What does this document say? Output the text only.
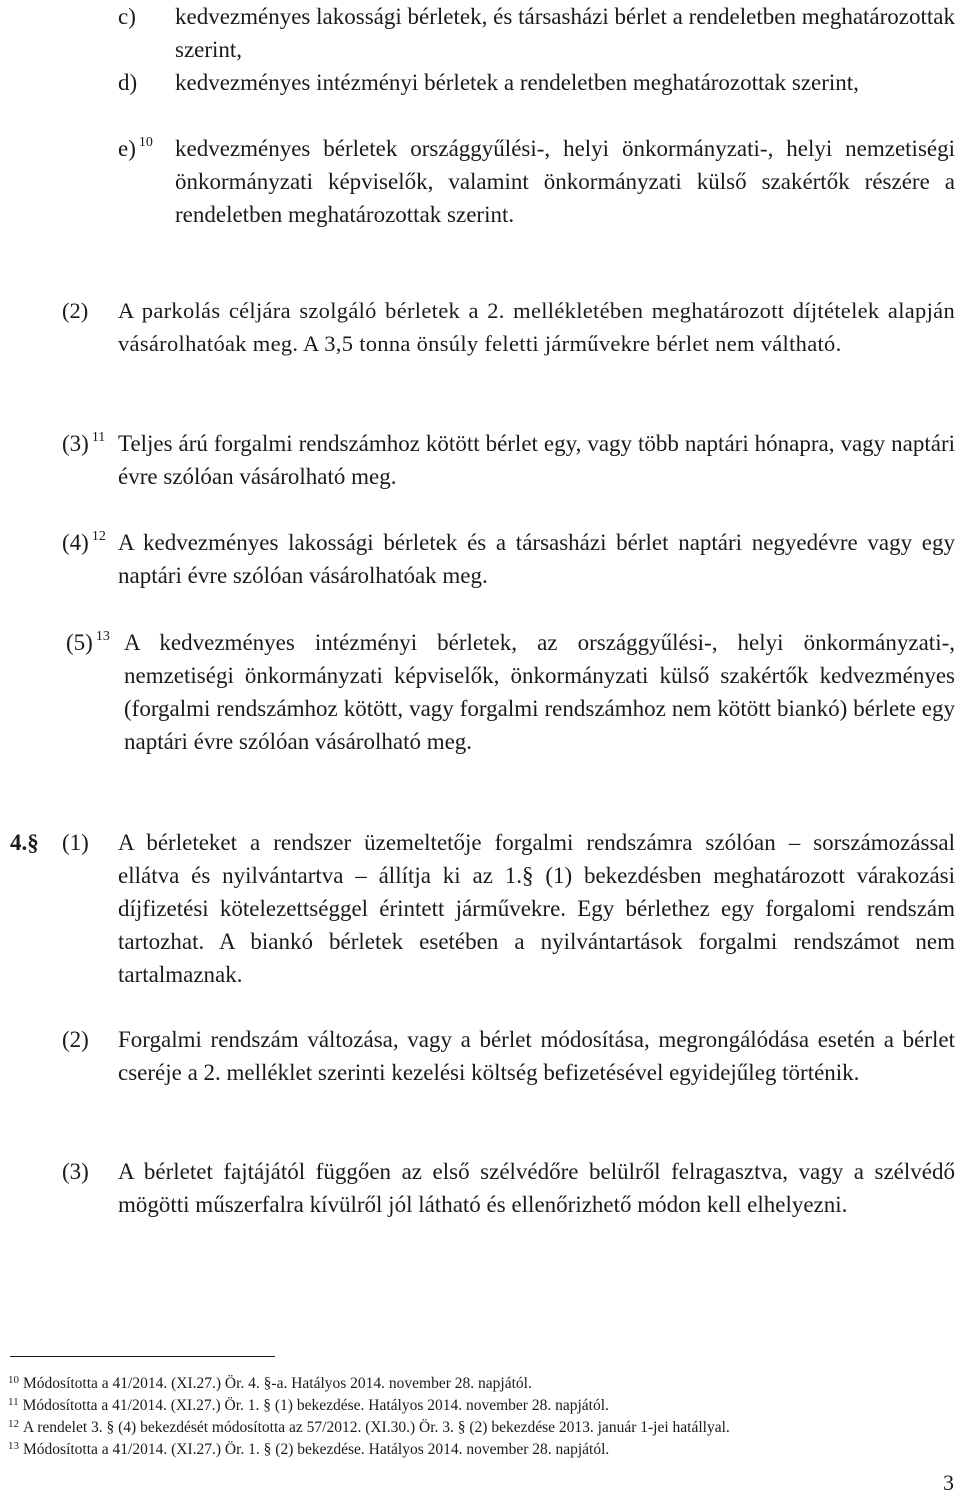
c) kedvezményes lakossági bérletek, és társasházi bérlet a rendeletben meghatározottak szerint,
d) kedvezményes intézményi bérletek a rendeletben meghatározottak szerint,
e) $^{10}$ kedvezményes bérletek országgyűlési-, helyi önkormányzati-, helyi nemzetiségi önkormányzati képviselők, valamint önkormányzati külső szakértők részére a rendeletben meghatározottak szerint.
(2) A parkolás céljára szolgáló bérletek a 2. mellékletében meghatározott díjtételek alapján vásárolhatóak meg. A 3,5 tonna önsúly feletti járművekre bérlet nem váltható.
(3) $^{11}$ Teljes árú forgalmi rendszámhoz kötött bérlet egy, vagy több naptári hónapra, vagy naptári évre szólóan vásárolható meg.
(4) $^{12}$ A kedvezményes lakossági bérletek és a társasházi bérlet naptári negyedévre vagy egy naptári évre szólóan vásárolhatóak meg.
(5) $^{13}$ A kedvezményes intézményi bérletek, az országgyűlési-, helyi önkormányzati-, nemzetiségi önkormányzati képviselők, önkormányzati külső szakértők kedvezményes (forgalmi rendszámhoz kötött, vagy forgalmi rendszámhoz nem kötött biankó) bérlete egy naptári évre szólóan vásárolható meg.
4.§ (1) A bérleteket a rendszer üzemeltetője forgalmi rendszámra szólóan – sorszámozással ellátva és nyilvántartva – állítja ki az 1.§ (1) bekezdésben meghatározott várakozási díjfizetési kötelezettséggel érintett járművekre. Egy bérlethez egy forgalomi rendszám tartozhat. A biankó bérletek esetében a nyilvántartások forgalmi rendszámot nem tartalmaznak.
(2) Forgalmi rendszám változása, vagy a bérlet módosítása, megrongálódása esetén a bérlet cseréje a 2. melléklet szerinti kezelési költség befizetésével egyidejűleg történik.
(3) A bérletet fajtájától függően az első szélvédőre belülről felragasztva, vagy a szélvédő mögötti műszerfalra kívülről jól látható és ellenőrizhető módon kell elhelyezni.
$^{10}$ Módosította a 41/2014. (XI.27.) Ör. 4. §-a. Hatályos 2014. november 28. napjától.
$^{11}$ Módosította a 41/2014. (XI.27.) Ör. 1. § (1) bekezdése. Hatályos 2014. november 28. napjától.
$^{12}$ A rendelet 3. § (4) bekezdését módosította az 57/2012. (XI.30.) Ör. 3. § (2) bekezdése 2013. január 1-jei hatállyal.
$^{13}$ Módosította a 41/2014. (XI.27.) Ör. 1. § (2) bekezdése. Hatályos 2014. november 28. napjától.
3
